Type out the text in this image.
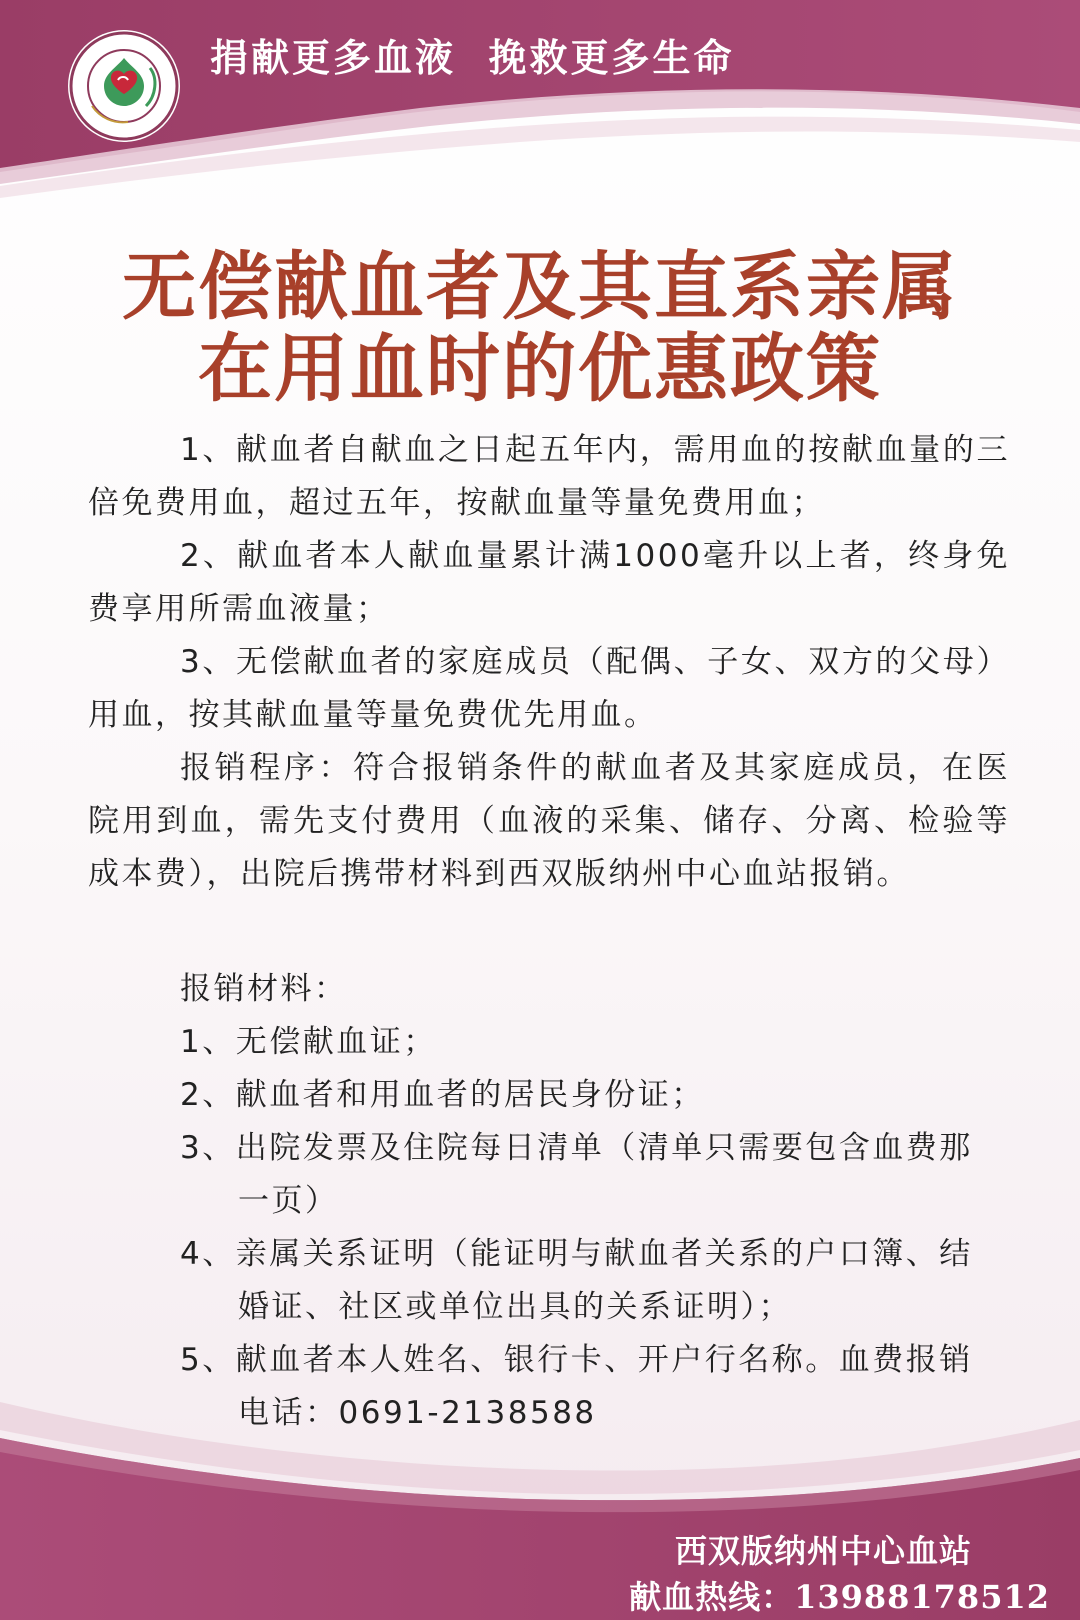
捐献更多血液  挽救更多生命
无偿献血者及其直系亲属
在用血时的优惠政策

1、献血者自献血之日起五年内，需用血的按献血量的三倍免费用血，超过五年，按献血量等量免费用血；

2、献血者本人献血量累计满1000毫升以上者，终身免费享用所需血液量；

3、无偿献血者的家庭成员（配偶、子女、双方的父母）用血，按其献血量等量免费优先用血。

报销程序：符合报销条件的献血者及其家庭成员，在医院用到血，需先支付费用（血液的采集、储存、分离、检验等成本费），出院后携带材料到西双版纳州中心血站报销。

报销材料：

1、无偿献血证；

2、献血者和用血者的居民身份证；

3、出院发票及住院每日清单（清单只需要包含血费那一页）

4、亲属关系证明（能证明与献血者关系的户口簿、结婚证、社区或单位出具的关系证明）；

5、献血者本人姓名、银行卡、开户行名称。血费报销电话：0691-2138588

西双版纳州中心血站
献血热线：13988178512
